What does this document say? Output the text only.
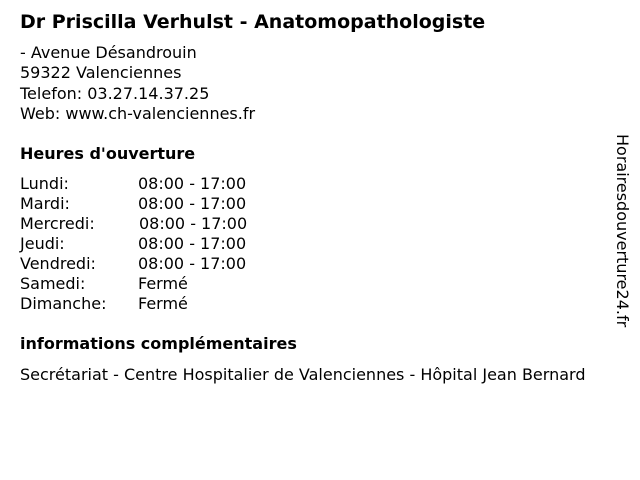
Dr Priscilla Verhulst - Anatomopathologiste
- Avenue Désandrouin
59322 Valenciennes
Telefon: 03.27.14.37.25
Web: www.ch-valenciennes.fr
Heures d'ouverture
Lundi:	08:00 - 17:00
Mardi:	08:00 - 17:00
Mercredi:	08:00 - 17:00
Jeudi:	08:00 - 17:00
Vendredi:	08:00 - 17:00
Samedi:	Fermé
Dimanche: Fermé
informations complémentaires
Secrétariat - Centre Hospitalier de Valenciennes - Hôpital Jean Bernard
Horairesdouverture24.fr
